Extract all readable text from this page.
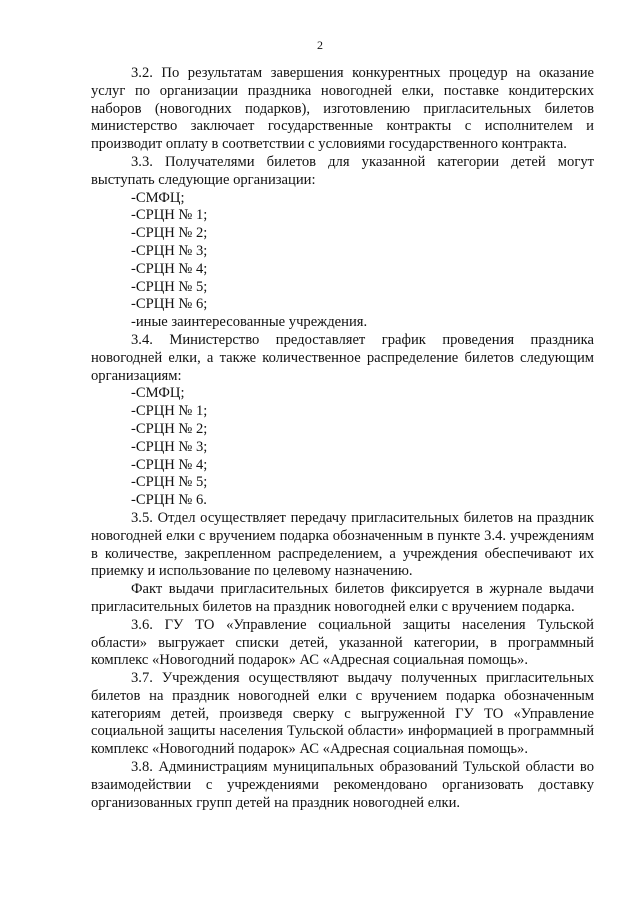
2

3.2. По результатам завершения конкурентных процедур на оказание услуг по организации праздника новогодней елки, поставке кондитерских наборов (новогодних подарков), изготовлению пригласительных билетов министерство заключает государственные контракты с исполнителем и производит оплату в соответствии с условиями государственного контракта.

3.3. Получателями билетов для указанной категории детей могут выступать следующие организации:

-СМФЦ;

-СРЦН № 1;

-СРЦН № 2;

-СРЦН № 3;

-СРЦН № 4;

-СРЦН № 5;

-СРЦН № 6;

-иные заинтересованные учреждения.

3.4. Министерство предоставляет график проведения праздника новогодней елки, а также количественное распределение билетов следующим организациям:

-СМФЦ;

-СРЦН № 1;

-СРЦН № 2;

-СРЦН № 3;

-СРЦН № 4;

-СРЦН № 5;

-СРЦН № 6.

3.5. Отдел осуществляет передачу пригласительных билетов на праздник новогодней елки с вручением подарка обозначенным в пункте 3.4. учреждениям в количестве, закрепленном распределением, а учреждения обеспечивают их приемку и использование по целевому назначению.

Факт выдачи пригласительных билетов фиксируется в журнале выдачи пригласительных билетов на праздник новогодней елки с вручением подарка.

3.6. ГУ ТО «Управление социальной защиты населения Тульской области» выгружает списки детей, указанной категории, в программный комплекс «Новогодний подарок» АС «Адресная социальная помощь».

3.7. Учреждения осуществляют выдачу полученных пригласительных билетов на праздник новогодней елки с вручением подарка обозначенным категориям детей, произведя сверку с выгруженной ГУ ТО «Управление социальной защиты населения Тульской области» информацией в программный комплекс «Новогодний подарок» АС «Адресная социальная помощь».

3.8. Администрациям муниципальных образований Тульской области во взаимодействии с учреждениями рекомендовано организовать доставку организованных групп детей на праздник новогодней елки.
